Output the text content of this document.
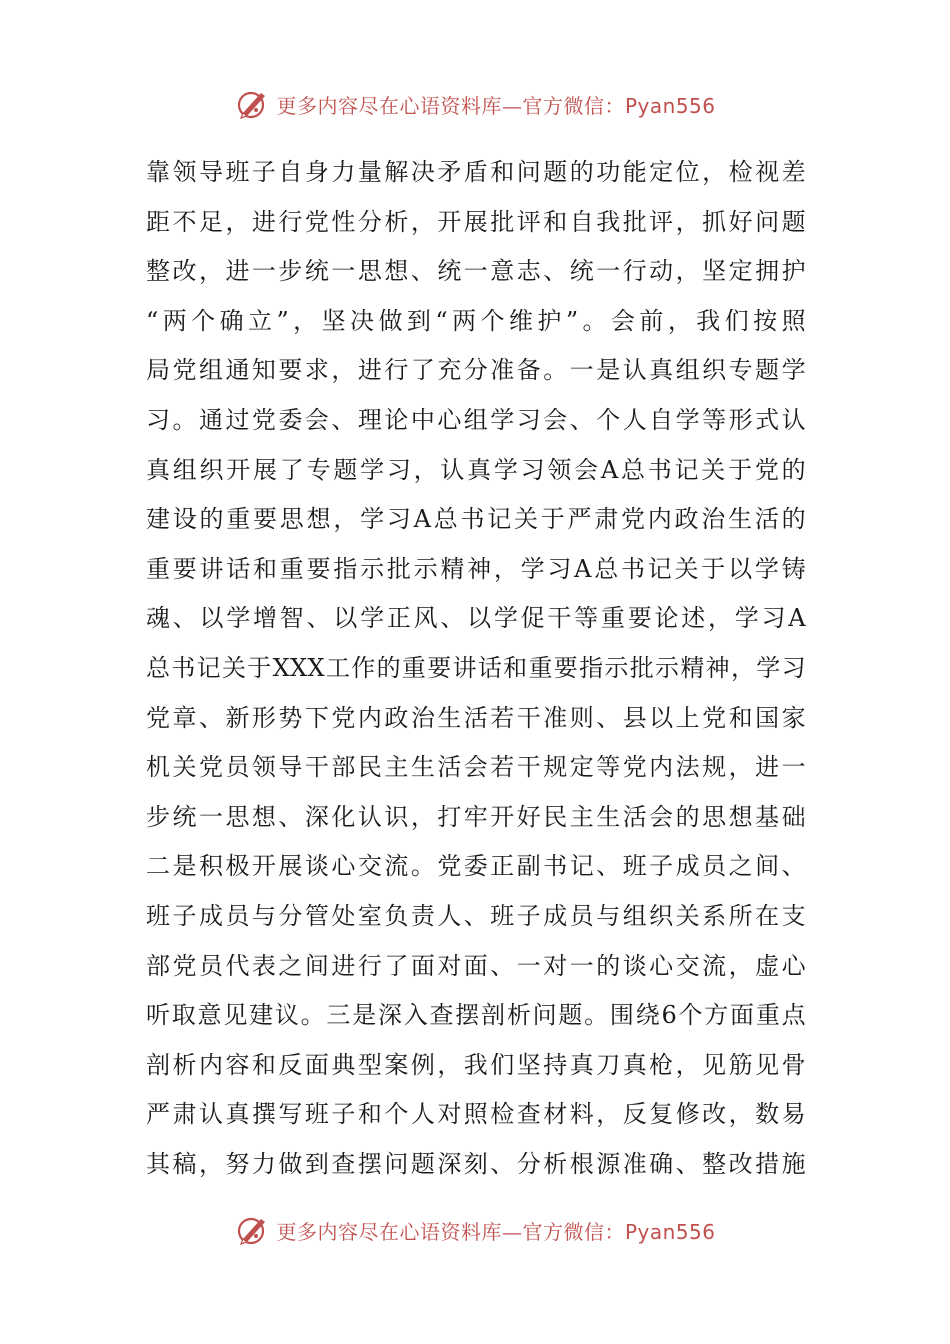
更多内容尽在心语资料库—官方微信：Pyan556
靠领导班子自身力量解决矛盾和问题的功能定位，检视差
距不足，进行党性分析，开展批评和自我批评，抓好问题
整改，进一步统一思想、统一意志、统一行动，坚定拥护
“两个确立”，坚决做到“两个维护”。会前，我们按照
局党组通知要求，进行了充分准备。一是认真组织专题学
习。通过党委会、理论中心组学习会、个人自学等形式认
真组织开展了专题学习，认真学习领会A总书记关于党的
建设的重要思想，学习A总书记关于严肃党内政治生活的
重要讲话和重要指示批示精神，学习A总书记关于以学铸
魂、以学增智、以学正风、以学促干等重要论述，学习A
总书记关于XXX工作的重要讲话和重要指示批示精神，学习
党章、新形势下党内政治生活若干准则、县以上党和国家
机关党员领导干部民主生活会若干规定等党内法规，进一
步统一思想、深化认识，打牢开好民主生活会的思想基础
二是积极开展谈心交流。党委正副书记、班子成员之间、
班子成员与分管处室负责人、班子成员与组织关系所在支
部党员代表之间进行了面对面、一对一的谈心交流，虚心
听取意见建议。三是深入查摆剖析问题。围绕6个方面重点
剖析内容和反面典型案例，我们坚持真刀真枪，见筋见骨
严肃认真撰写班子和个人对照检查材料，反复修改，数易
其稿，努力做到查摆问题深刻、分析根源准确、整改措施
更多内容尽在心语资料库—官方微信：Pyan556
